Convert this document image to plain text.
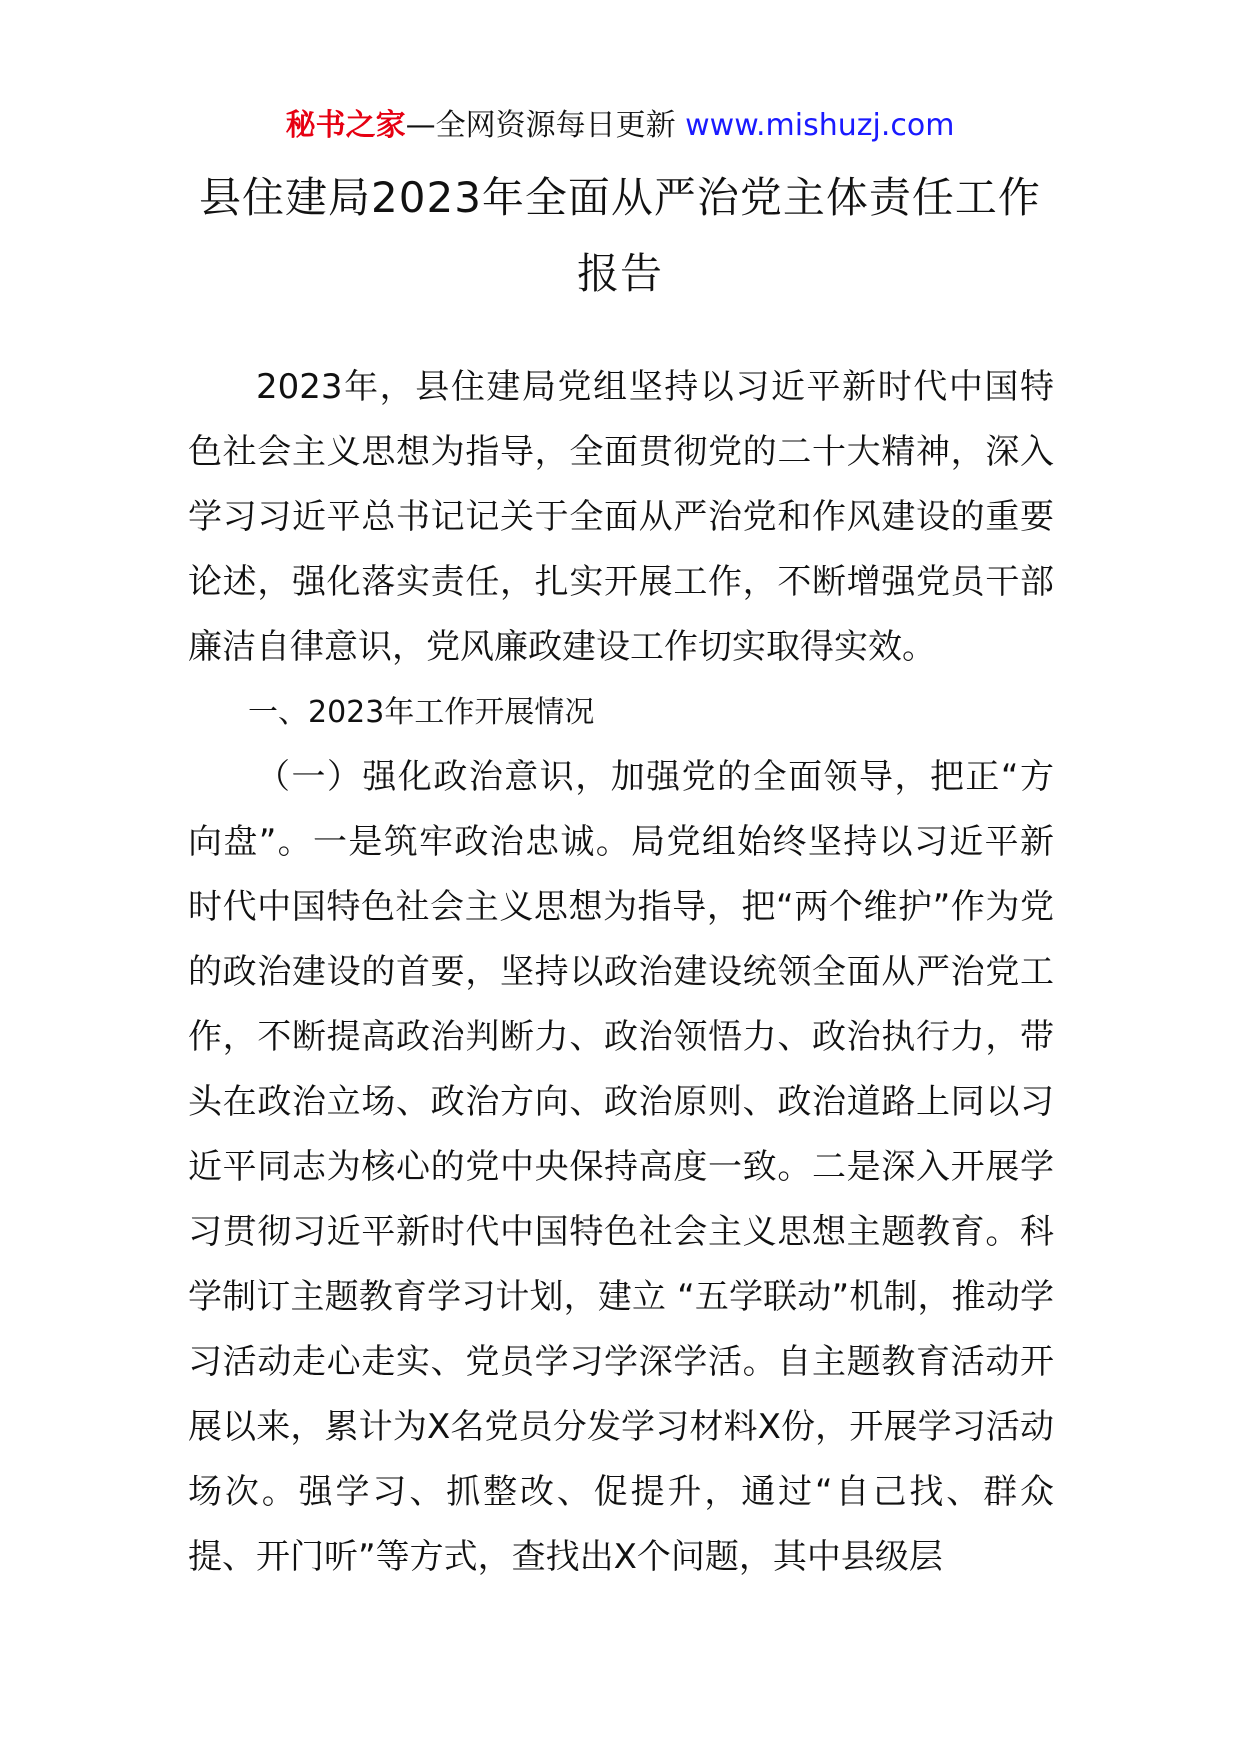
秘书之家—全网资源每日更新 www.mishuzj.com
县住建局2023年全面从严治党主体责任工作报告

2023年，县住建局党组坚持以习近平新时代中国特色社会主义思想为指导，全面贯彻党的二十大精神，深入学习习近平总书记记关于全面从严治党和作风建设的重要论述，强化落实责任，扎实开展工作，不断增强党员干部廉洁自律意识，党风廉政建设工作切实取得实效。

一、2023年工作开展情况

（一）强化政治意识，加强党的全面领导，把正“方向盘”。一是筑牢政治忠诚。局党组始终坚持以习近平新时代中国特色社会主义思想为指导，把“两个维护”作为党的政治建设的首要，坚持以政治建设统领全面从严治党工作，不断提高政治判断力、政治领悟力、政治执行力，带头在政治立场、政治方向、政治原则、政治道路上同以习近平同志为核心的党中央保持高度一致。二是深入开展学习贯彻习近平新时代中国特色社会主义思想主题教育。科学制订主题教育学习计划，建立 “五学联动”机制，推动学习活动走心走实、党员学习学深学活。自主题教育活动开展以来，累计为X名党员分发学习材料X份，开展学习活动场次。强学习、抓整改、促提升，通过“自己找、群众提、开门听”等方式，查找出X个问题，其中县级层
